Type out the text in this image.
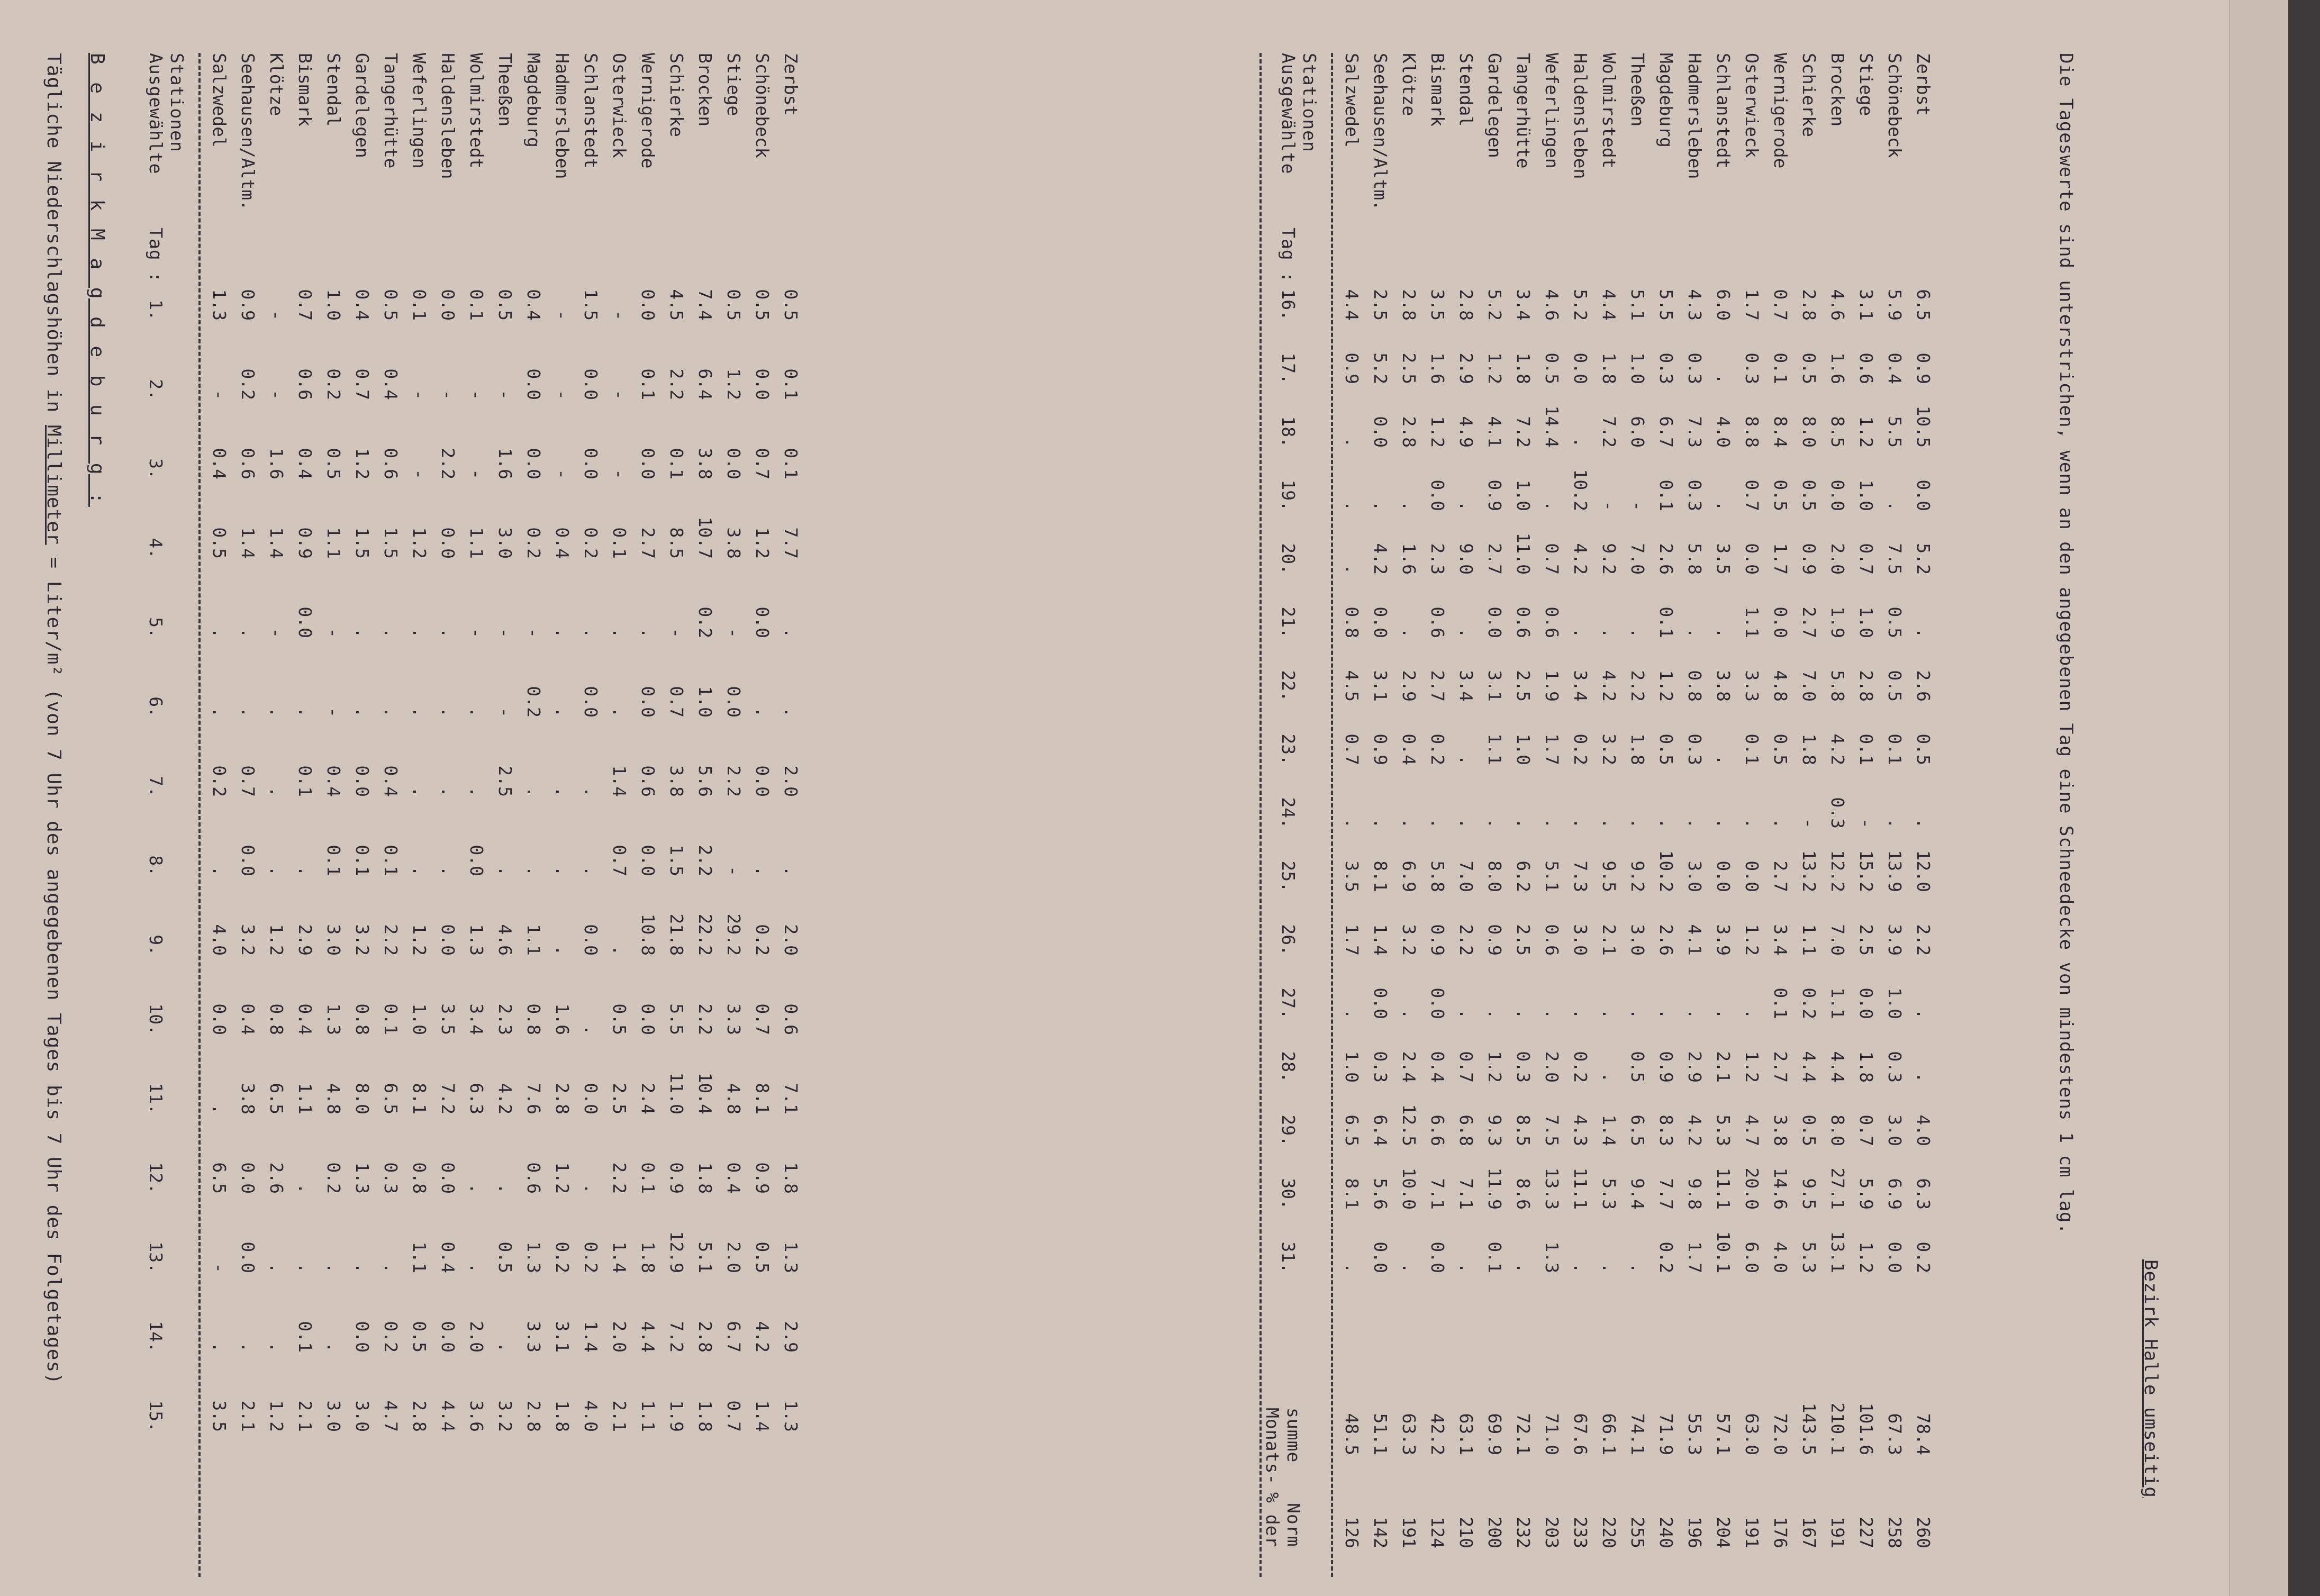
Tägliche Niederschlagshöhen in Millimeter = Liter/m² (von 7 Uhr des angegebenen Tages bis 7 Uhr des Folgetages)
B e z i r k M a g d e b u r g : Ausgewählte Stationen
Tag :
Ausgewählte Stationen
Tag :
Monats- summe
% der Norm
Die Tageswerte sind unterstrichen, wenn an den angegebenen Tag eine Schneedecke von mindestens 1 cm lag.
Bezirk Halle umseitig
1.
2.
3.
4.
5.
6.
7.
8.
9.
10.
11.
12.
13.
14.
15.
16.
17.
18.
19.
20.
21.
22.
23.
24.
25.
26.
27.
28.
29.
30.
31.
Salzwedel
1.3
-
0.4
0.5
.
.
0.2
.
4.0
0.0
.
6.5
-
.
3.5
Salzwedel
4.4
0.9
.
.
.
0.8
4.5
0.7
.
3.5
1.7
.
1.0
6.5
8.1
.
48.5
126
Seehausen/Altm.
0.9
0.2
0.6
1.4
.
.
0.7
0.0
3.2
0.4
3.8
0.0
0.0
.
2.1
Seehausen/Altm.
2.5
5.2
0.0
.
4.2
0.0
3.1
0.9
.
8.1
1.4
0.0
0.3
6.4
5.6
0.0
51.1
142
Klötze
-
-
1.6
1.4
-
.
.
.
1.2
0.8
6.5
2.6
.
.
1.2
Klötze
2.8
2.5
2.8
.
1.6
.
2.9
0.4
.
6.9
3.2
.
2.4
12.5
10.0
.
63.3
191
Bismark
0.7
0.6
0.4
0.9
0.0
.
0.1
.
2.9
0.4
1.1
.
.
0.1
2.1
Bismark
3.5
1.6
1.2
0.0
2.3
0.6
2.7
0.2
.
5.8
0.9
0.0
0.4
6.6
7.1
0.0
42.2
124
Stendal
1.0
0.2
0.5
1.1
-
-
0.4
0.1
3.0
1.3
4.8
0.2
.
.
3.0
Stendal
2.8
2.9
4.9
.
9.0
.
3.4
.
.
7.0
2.2
.
0.7
6.8
7.1
.
63.1
210
Gardelegen
0.4
0.7
1.2
1.5
.
.
0.0
0.1
3.2
0.8
8.0
1.3
.
0.0
3.0
Gardelegen
5.2
1.2
4.1
0.9
2.7
0.0
3.1
1.1
.
8.0
0.9
.
1.2
9.3
11.9
0.1
69.9
200
Tangerhütte
0.5
0.4
0.6
1.5
.
.
0.4
0.1
2.2
0.1
6.5
0.3
.
0.2
4.7
Tangerhütte
3.4
1.8
7.2
1.0
11.0
0.6
2.5
1.0
.
6.2
2.5
.
0.3
8.5
8.6
.
72.1
232
Weferlingen
0.1
-
-
1.2
.
.
.
.
1.2
1.0
8.1
0.8
1.1
0.5
2.8
Weferlingen
4.6
0.5
14.4
.
0.7
0.6
1.9
1.7
.
5.1
0.6
.
2.0
7.5
13.3
1.3
71.0
203
Haldensleben
0.0
-
2.2
0.0
.
.
.
.
0.0
3.5
7.2
0.0
0.4
0.0
4.4
Haldensleben
5.2
0.0
.
10.2
4.2
.
3.4
0.2
.
7.3
3.0
.
0.2
4.3
11.1
.
67.6
233
Wolmirstedt
0.1
-
-
1.1
-
.
.
0.0
1.3
3.4
6.3
.
.
2.0
3.6
Wolmirstedt
4.4
1.8
7.2
-
9.2
.
4.2
3.2
.
9.5
2.1
.
.
1.4
5.3
.
66.1
220
Theeßen
0.5
-
1.6
3.0
-
-
2.5
.
4.6
2.3
4.2
.
0.5
.
3.2
Theeßen
5.1
1.0
6.0
-
7.0
.
2.2
1.8
.
9.2
3.0
.
0.5
6.5
9.4
.
74.1
255
Magdeburg
0.4
0.0
0.0
0.2
-
0.2
.
.
1.1
0.8
7.6
0.6
1.3
3.3
2.8
Magdeburg
5.5
0.3
6.7
0.1
2.6
0.1
1.2
0.5
.
10.2
2.6
.
0.9
8.3
7.7
0.2
71.9
240
Hadmersleben
-
-
-
0.4
.
.
.
.
.
1.6
2.8
1.2
0.2
3.1
1.8
Hadmersleben
4.3
0.3
7.3
0.3
5.8
.
0.8
0.3
.
3.0
4.1
.
2.9
4.2
9.8
1.7
55.3
196
Schlanstedt
1.5
0.0
0.0
0.2
.
0.0
.
.
0.0
.
0.0
.
0.2
1.4
4.0
Schlanstedt
6.0
.
4.0
.
3.5
.
3.8
.
.
0.0
3.9
.
2.1
5.3
11.1
10.1
57.1
204
Osterwieck
-
-
-
0.1
.
.
1.4
0.7
.
0.5
2.5
2.2
1.4
2.0
2.1
Osterwieck
1.7
0.3
8.8
0.7
0.0
1.1
3.3
0.1
.
0.0
1.2
.
1.2
4.7
20.0
6.0
63.0
191
Wernigerode
0.0
0.1
0.0
2.7
.
0.0
0.6
0.0
10.8
0.0
2.4
0.1
1.8
4.4
1.1
Wernigerode
0.7
0.1
8.4
0.5
1.7
0.0
4.8
0.5
.
2.7
3.4
0.1
2.7
3.8
14.6
4.0
72.0
176
Schierke
4.5
2.2
0.1
8.5
-
0.7
3.8
1.5
21.8
5.5
11.0
0.9
12.9
7.2
1.9
Schierke
2.8
0.5
8.0
0.5
0.9
2.7
7.0
1.8
-
13.2
1.1
0.2
4.4
0.5
9.5
5.3
143.5
167
Brocken
7.4
6.4
3.8
10.7
0.2
1.0
5.6
2.2
22.2
2.2
10.4
1.8
5.1
2.8
1.8
Brocken
4.6
1.6
8.5
0.0
2.0
1.9
5.8
4.2
0.3
12.2
7.0
1.1
4.4
8.0
27.1
13.1
210.1
191
Stiege
0.5
1.2
0.0
3.8
-
0.0
2.2
-
29.2
3.3
4.8
0.4
2.0
6.7
0.7
Stiege
3.1
0.6
1.2
1.0
0.7
1.0
2.8
0.1
-
15.2
2.5
0.0
1.8
0.7
5.9
1.2
101.6
227
Schönebeck
0.5
0.0
0.7
1.2
0.0
.
0.0
.
0.2
0.7
8.1
0.9
0.5
4.2
1.4
Schönebeck
5.9
0.4
5.5
.
7.5
0.5
0.5
0.1
.
13.9
3.9
1.0
0.3
3.0
6.9
0.0
67.3
258
Zerbst
0.5
0.1
0.1
7.7
.
.
2.0
.
2.0
0.6
7.1
1.8
1.3
2.9
1.3
Zerbst
6.5
0.9
10.5
0.0
5.2
.
2.6
0.5
.
12.0
2.2
.
.
4.0
6.3
0.2
78.4
260
